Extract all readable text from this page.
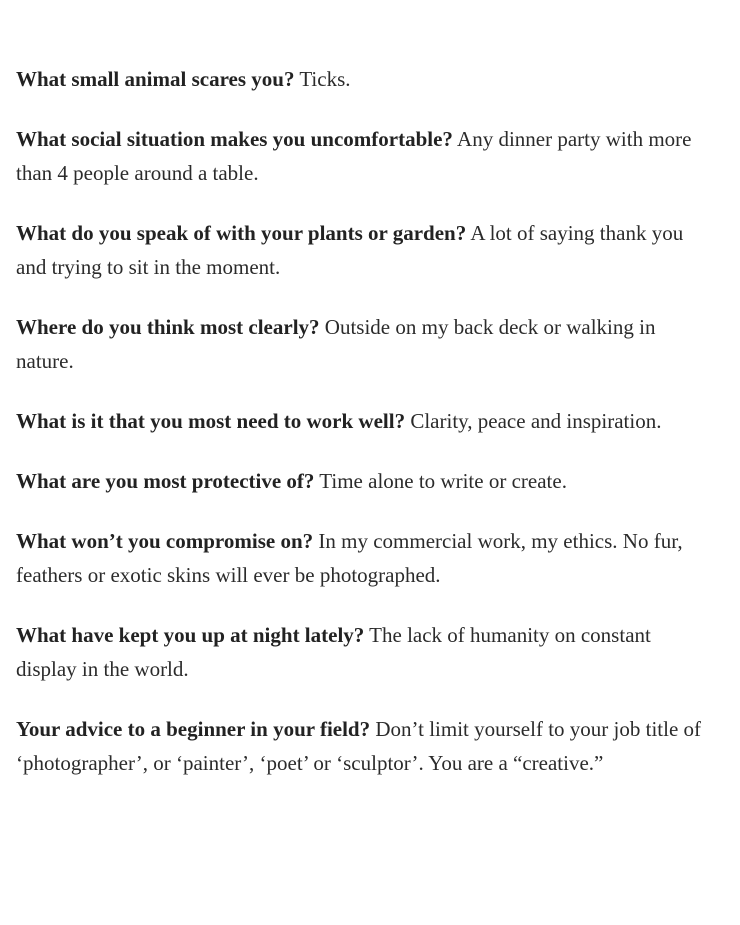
What small animal scares you? Ticks.

What social situation makes you uncomfortable? Any dinner party with more than 4 people around a table.

What do you speak of with your plants or garden? A lot of saying thank you and trying to sit in the moment.

Where do you think most clearly? Outside on my back deck or walking in nature.

What is it that you most need to work well? Clarity, peace and inspiration.

What are you most protective of? Time alone to write or create.

What won’t you compromise on? In my commercial work, my ethics. No fur, feathers or exotic skins will ever be photographed.

What have kept you up at night lately? The lack of humanity on constant display in the world.

Your advice to a beginner in your field? Don’t limit yourself to your job title of ‘photographer’, or ‘painter’, ‘poet’ or ‘sculptor’. You are a “creative.”
